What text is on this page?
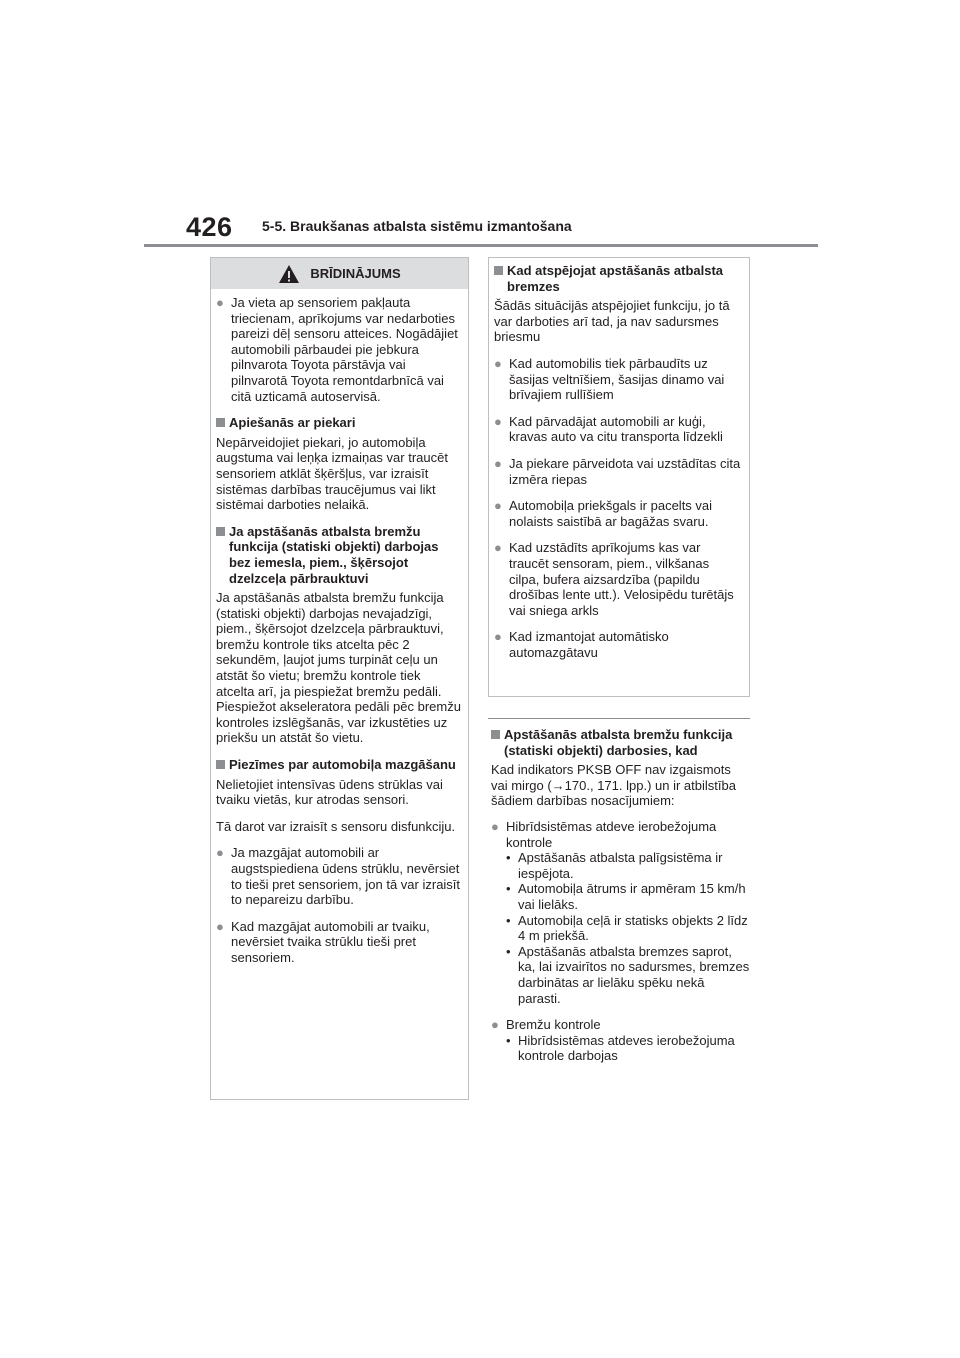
426 5-5. Braukšanas atbalsta sistēmu izmantošana
BRĪDINĀJUMS
● Ja vieta ap sensoriem pakļauta triecienam, aprīkojums var nedarboties pareizi dēļ sensoru atteices. Nogādājiet automobili pārbaudei pie jebkura pilnvarota Toyota pārstāvja vai pilnvarotā Toyota remontdarbnīcā vai citā uzticamā autoservisā.
Apiešanās ar piekari
Nepārveidojiet piekari, jo automobiļa augstuma vai leņķa izmaiņas var traucēt sensoriem atklāt šķēršļus, var izraisīt sistēmas darbības traucējumus vai likt sistēmai darboties nelaikā.
Ja apstāšanās atbalsta bremžu funkcija (statiski objekti) darbojas bez iemesla, piem., šķērsojot dzelzceļa pārbrauktuvi
Ja apstāšanās atbalsta bremžu funkcija (statiski objekti) darbojas nevajadzīgi, piem., šķērsojot dzelzceļa pārbrauktuvi, bremžu kontrole tiks atcelta pēc 2 sekundēm, ļaujot jums turpināt ceļu un atstāt šo vietu; bremžu kontrole tiek atcelta arī, ja piespiežat bremžu pedāli. Piespiežot akseleratora pedāli pēc bremžu kontroles izslēgšanās, var izkustēties uz priekšu un atstāt šo vietu.
Piezīmes par automobiļa mazgāšanu
Nelietojiet intensīvas ūdens strūklas vai tvaiku vietās, kur atrodas sensori.
Tā darot var izraisīt s sensoru disfunkciju.
● Ja mazgājat automobili ar augstspiediena ūdens strūklu, nevērsiet to tieši pret sensoriem, jon tā var izraisīt to nepareizu darbību.
● Kad mazgājat automobili ar tvaiku, nevērsiet tvaika strūklu tieši pret sensoriem.
Kad atspējojat apstāšanās atbalsta bremzes
Šādās situācijās atspējojiet funkciju, jo tā var darboties arī tad, ja nav sadursmes briesmu
● Kad automobilis tiek pārbaudīts uz šasijas veltnīšiem, šasijas dinamo vai brīvajiem rullīšiem
● Kad pārvadājat automobili ar kuģi, kravas auto va citu transporta līdzekli
● Ja piekare pārveidota vai uzstādītas cita izmēra riepas
● Automobiļa priekšgals ir pacelts vai nolaists saistībā ar bagāžas svaru.
● Kad uzstādīts aprīkojums kas var traucēt sensoram, piem., vilkšanas cilpa, bufera aizsardzība (papildu drošības lente utt.). Velosipēdu turētājs vai sniega arkls
● Kad izmantojat automātisko automazgātavu
Apstāšanās atbalsta bremžu funkcija (statiski objekti) darbosies, kad
Kad indikators PKSB OFF nav izgaismots vai mirgo (→170., 171. lpp.) un ir atbilstība šādiem darbības nosacījumiem:
● Hibrīdsistēmas atdeve ierobežojuma kontrole
• Apstāšanās atbalsta palīgsistēma ir iespējota.
• Automobiļa ātrums ir apmēram 15 km/h vai lielāks.
• Automobiļa ceļā ir statisks objekts 2 līdz 4 m priekšā.
• Apstāšanās atbalsta bremzes saprot, ka, lai izvairītos no sadursmes, bremzes darbinātas ar lielāku spēku nekā parasti.
● Bremžu kontrole
• Hibrīdsistēmas atdeves ierobežojuma kontrole darbojas
